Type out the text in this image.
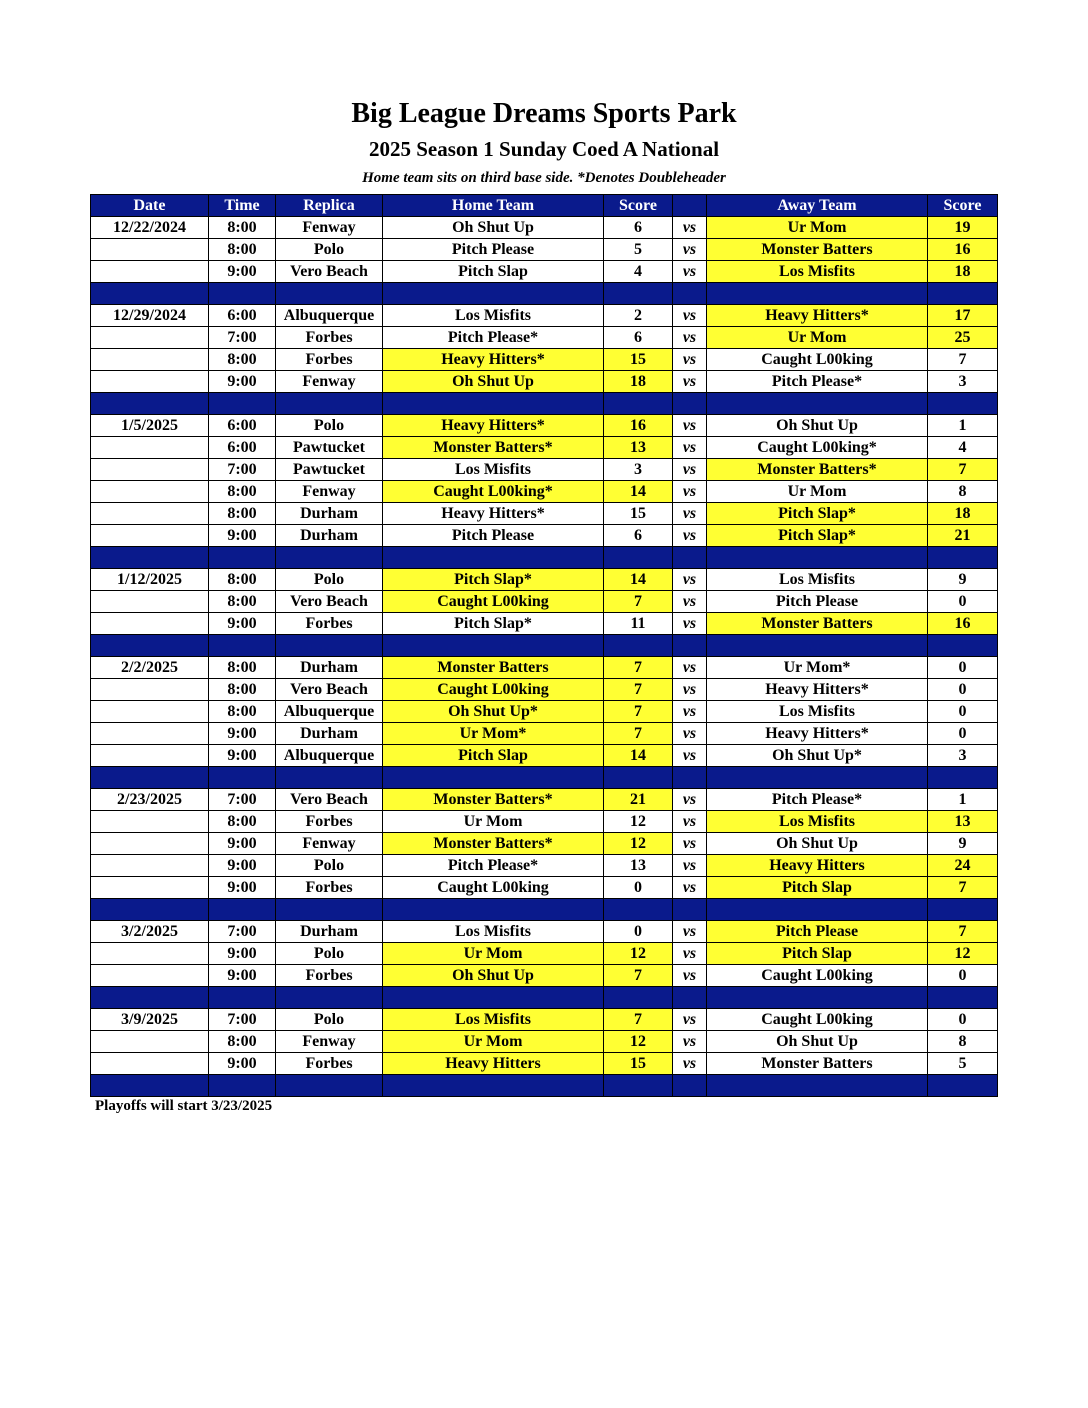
Big League Dreams Sports Park
2025 Season 1 Sunday Coed A National
Home team sits on third base side. *Denotes Doubleheader
Date	Time	Replica	Home Team	Score		Away Team	Score
12/22/2024	8:00	Fenway	Oh Shut Up	6	vs	Ur Mom	19
	8:00	Polo	Pitch Please	5	vs	Monster Batters	16
	9:00	Vero Beach	Pitch Slap	4	vs	Los Misfits	18

12/29/2024	6:00	Albuquerque	Los Misfits	2	vs	Heavy Hitters*	17
	7:00	Forbes	Pitch Please*	6	vs	Ur Mom	25
	8:00	Forbes	Heavy Hitters*	15	vs	Caught L00king	7
	9:00	Fenway	Oh Shut Up	18	vs	Pitch Please*	3

1/5/2025	6:00	Polo	Heavy Hitters*	16	vs	Oh Shut Up	1
	6:00	Pawtucket	Monster Batters*	13	vs	Caught L00king*	4
	7:00	Pawtucket	Los Misfits	3	vs	Monster Batters*	7
	8:00	Fenway	Caught L00king*	14	vs	Ur Mom	8
	8:00	Durham	Heavy Hitters*	15	vs	Pitch Slap*	18
	9:00	Durham	Pitch Please	6	vs	Pitch Slap*	21

1/12/2025	8:00	Polo	Pitch Slap*	14	vs	Los Misfits	9
	8:00	Vero Beach	Caught L00king	7	vs	Pitch Please	0
	9:00	Forbes	Pitch Slap*	11	vs	Monster Batters	16

2/2/2025	8:00	Durham	Monster Batters	7	vs	Ur Mom*	0
	8:00	Vero Beach	Caught L00king	7	vs	Heavy Hitters*	0
	8:00	Albuquerque	Oh Shut Up*	7	vs	Los Misfits	0
	9:00	Durham	Ur Mom*	7	vs	Heavy Hitters*	0
	9:00	Albuquerque	Pitch Slap	14	vs	Oh Shut Up*	3

2/23/2025	7:00	Vero Beach	Monster Batters*	21	vs	Pitch Please*	1
	8:00	Forbes	Ur Mom	12	vs	Los Misfits	13
	9:00	Fenway	Monster Batters*	12	vs	Oh Shut Up	9
	9:00	Polo	Pitch Please*	13	vs	Heavy Hitters	24
	9:00	Forbes	Caught L00king	0	vs	Pitch Slap	7

3/2/2025	7:00	Durham	Los Misfits	0	vs	Pitch Please	7
	9:00	Polo	Ur Mom	12	vs	Pitch Slap	12
	9:00	Forbes	Oh Shut Up	7	vs	Caught L00king	0

3/9/2025	7:00	Polo	Los Misfits	7	vs	Caught L00king	0
	8:00	Fenway	Ur Mom	12	vs	Oh Shut Up	8
	9:00	Forbes	Heavy Hitters	15	vs	Monster Batters	5

Playoffs will start 3/23/2025
